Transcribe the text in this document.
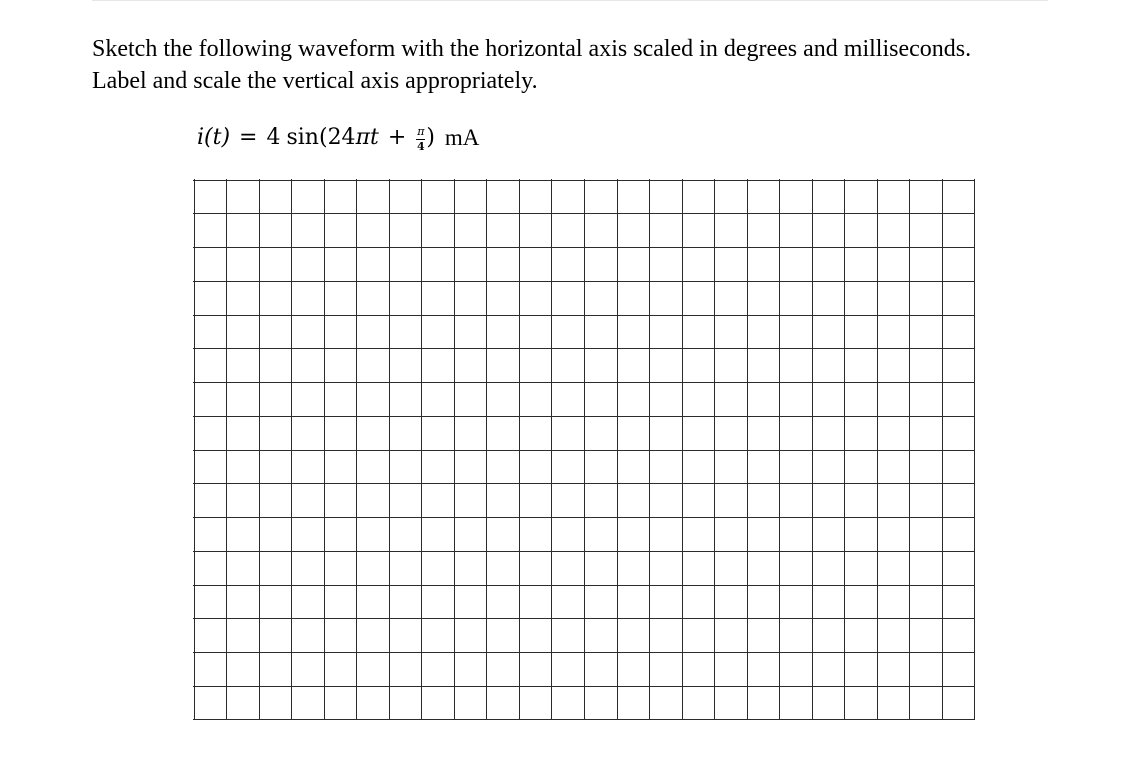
Sketch the following waveform with the horizontal axis scaled in degrees and milliseconds.

Label and scale the vertical axis appropriately.

i(t) = 4 sin(24 π $t + \frac{\pi}{4}$ ) mA
